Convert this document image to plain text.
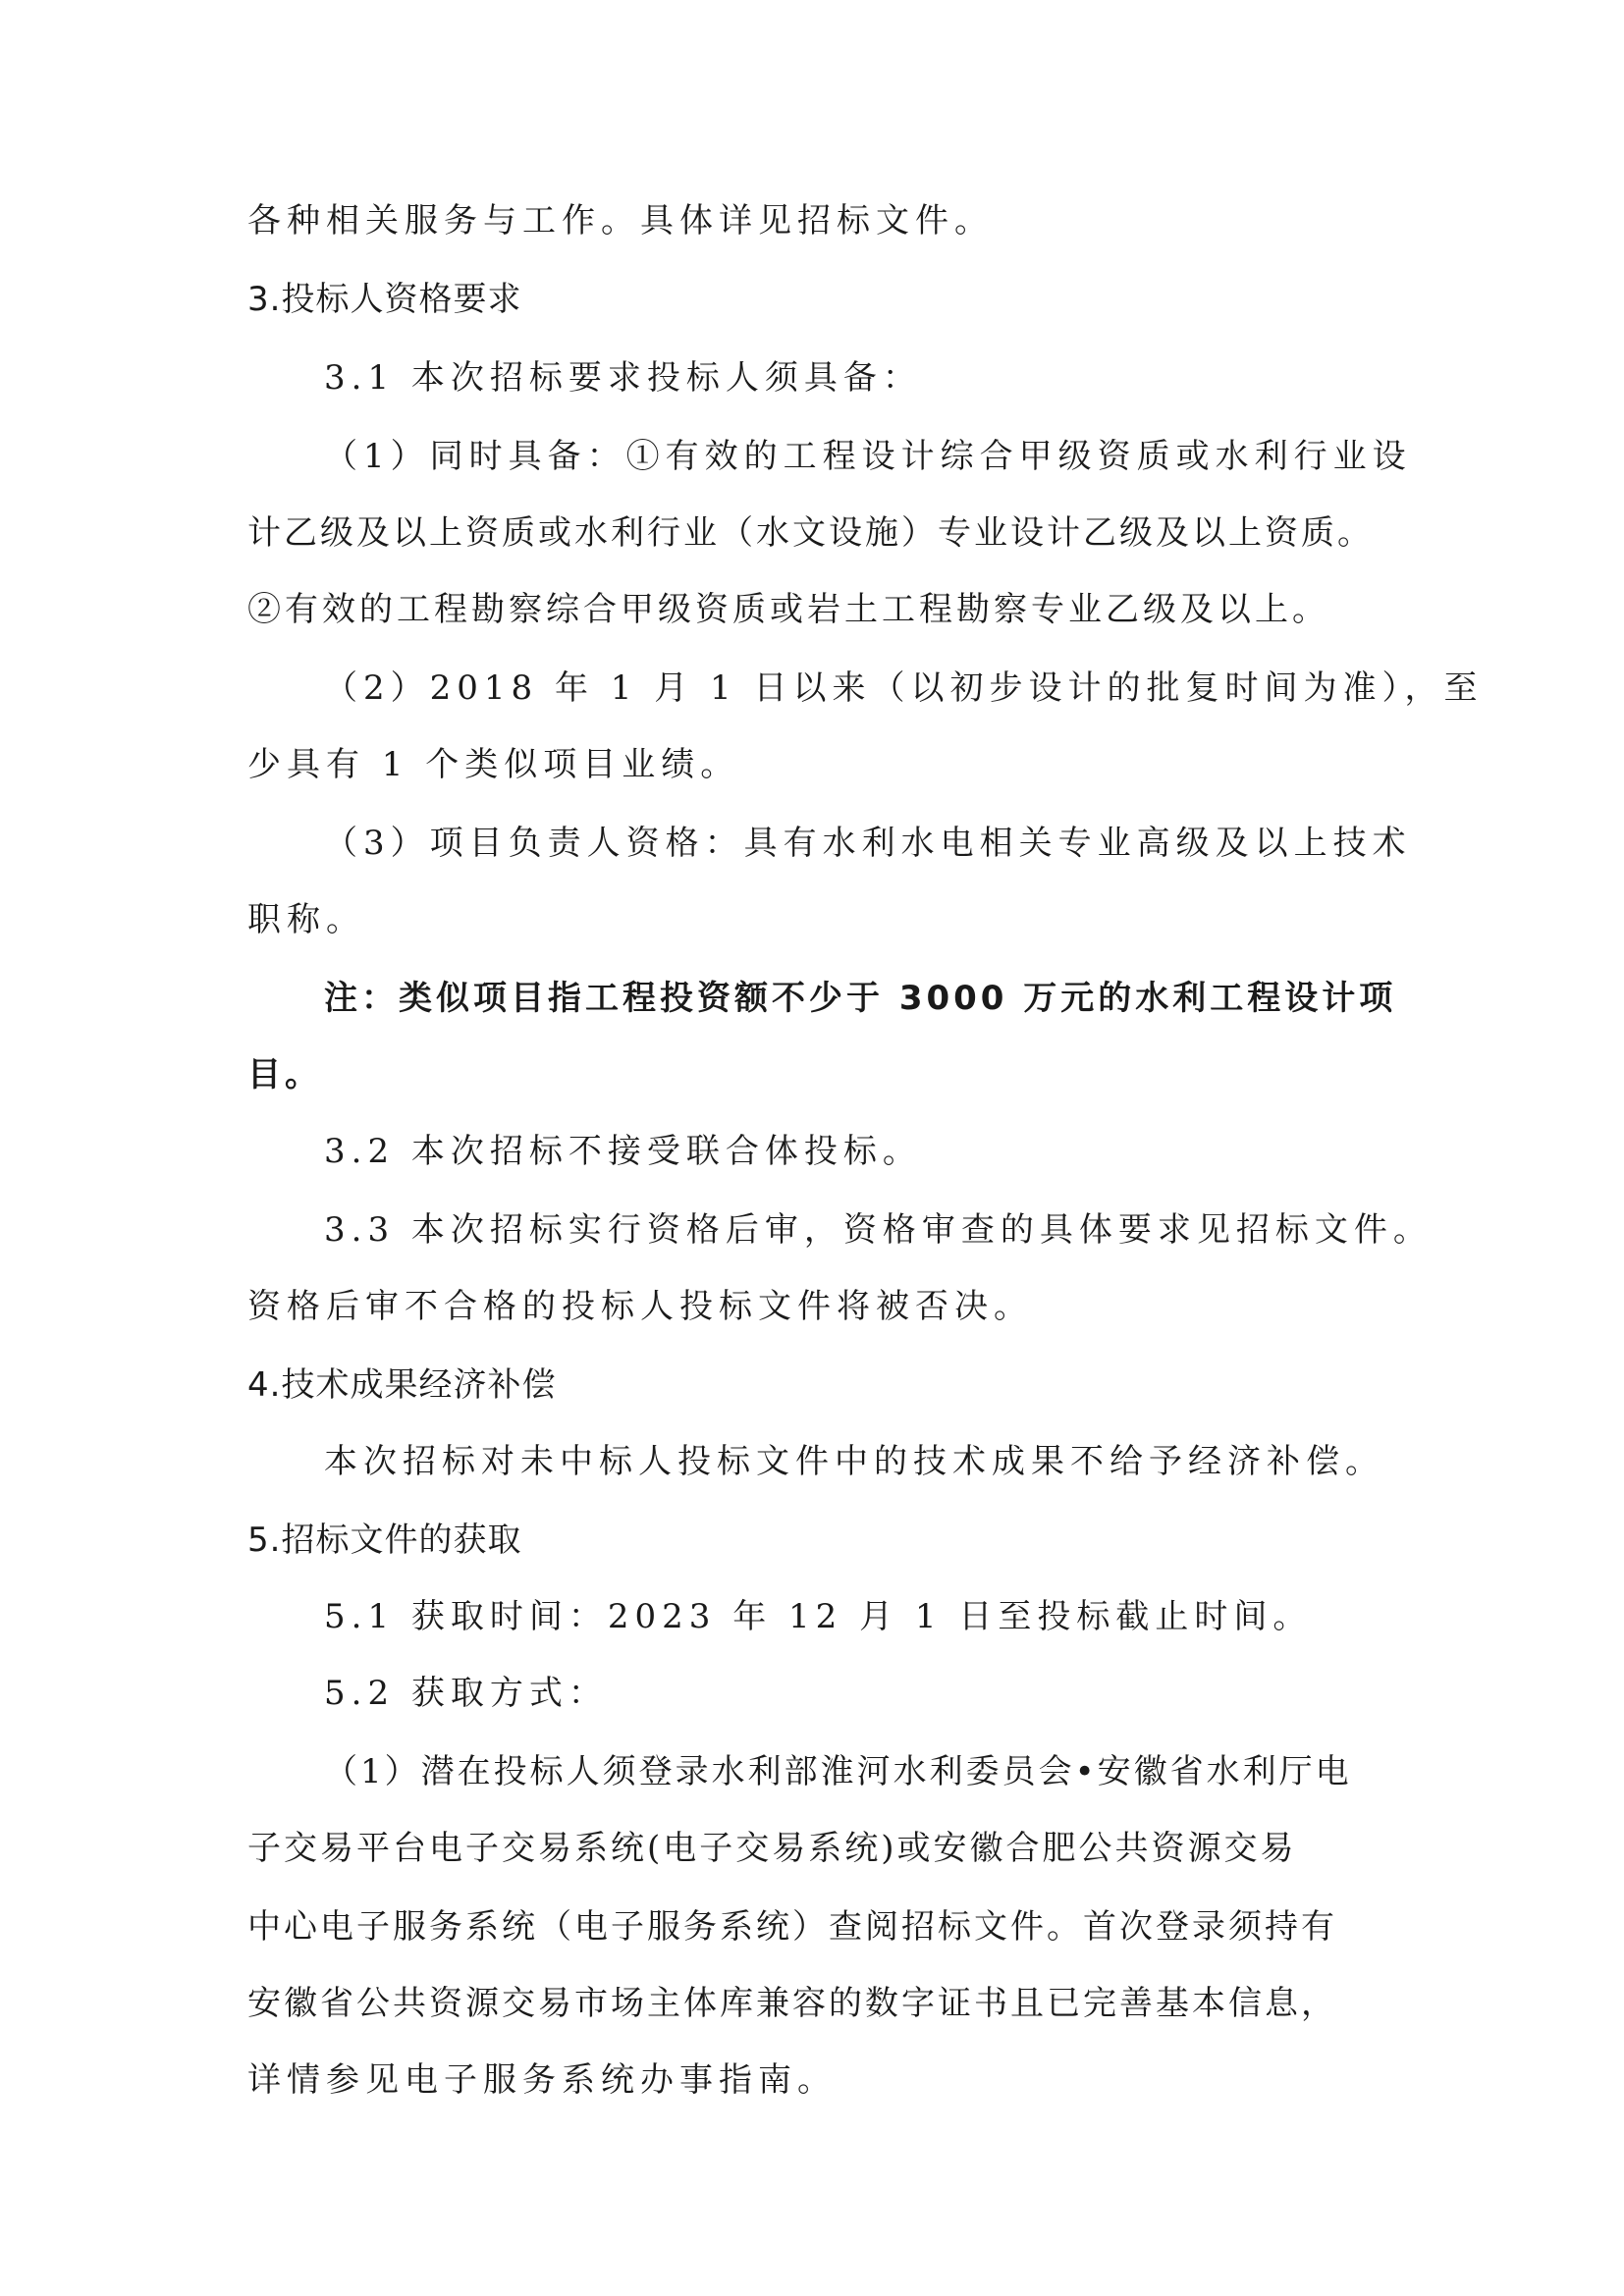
各种相关服务与工作。具体详见招标文件。
3.投标人资格要求
3.1 本次招标要求投标人须具备：
（1）同时具备：①有效的工程设计综合甲级资质或水利行业设
计乙级及以上资质或水利行业（水文设施）专业设计乙级及以上资质。
②有效的工程勘察综合甲级资质或岩土工程勘察专业乙级及以上。
（2）2018 年 1 月 1 日以来（以初步设计的批复时间为准），至
少具有 1 个类似项目业绩。
（3）项目负责人资格：具有水利水电相关专业高级及以上技术
职称。
注：类似项目指工程投资额不少于 3000 万元的水利工程设计项
目。
3.2 本次招标不接受联合体投标。
3.3 本次招标实行资格后审，资格审查的具体要求见招标文件。
资格后审不合格的投标人投标文件将被否决。
4.技术成果经济补偿
本次招标对未中标人投标文件中的技术成果不给予经济补偿。
5.招标文件的获取
5.1 获取时间：2023 年 12 月 1 日至投标截止时间。
5.2 获取方式：
（1）潜在投标人须登录水利部淮河水利委员会•安徽省水利厅电
子交易平台电子交易系统(电子交易系统)或安徽合肥公共资源交易
中心电子服务系统（电子服务系统）查阅招标文件。首次登录须持有
安徽省公共资源交易市场主体库兼容的数字证书且已完善基本信息，
详情参见电子服务系统办事指南。
